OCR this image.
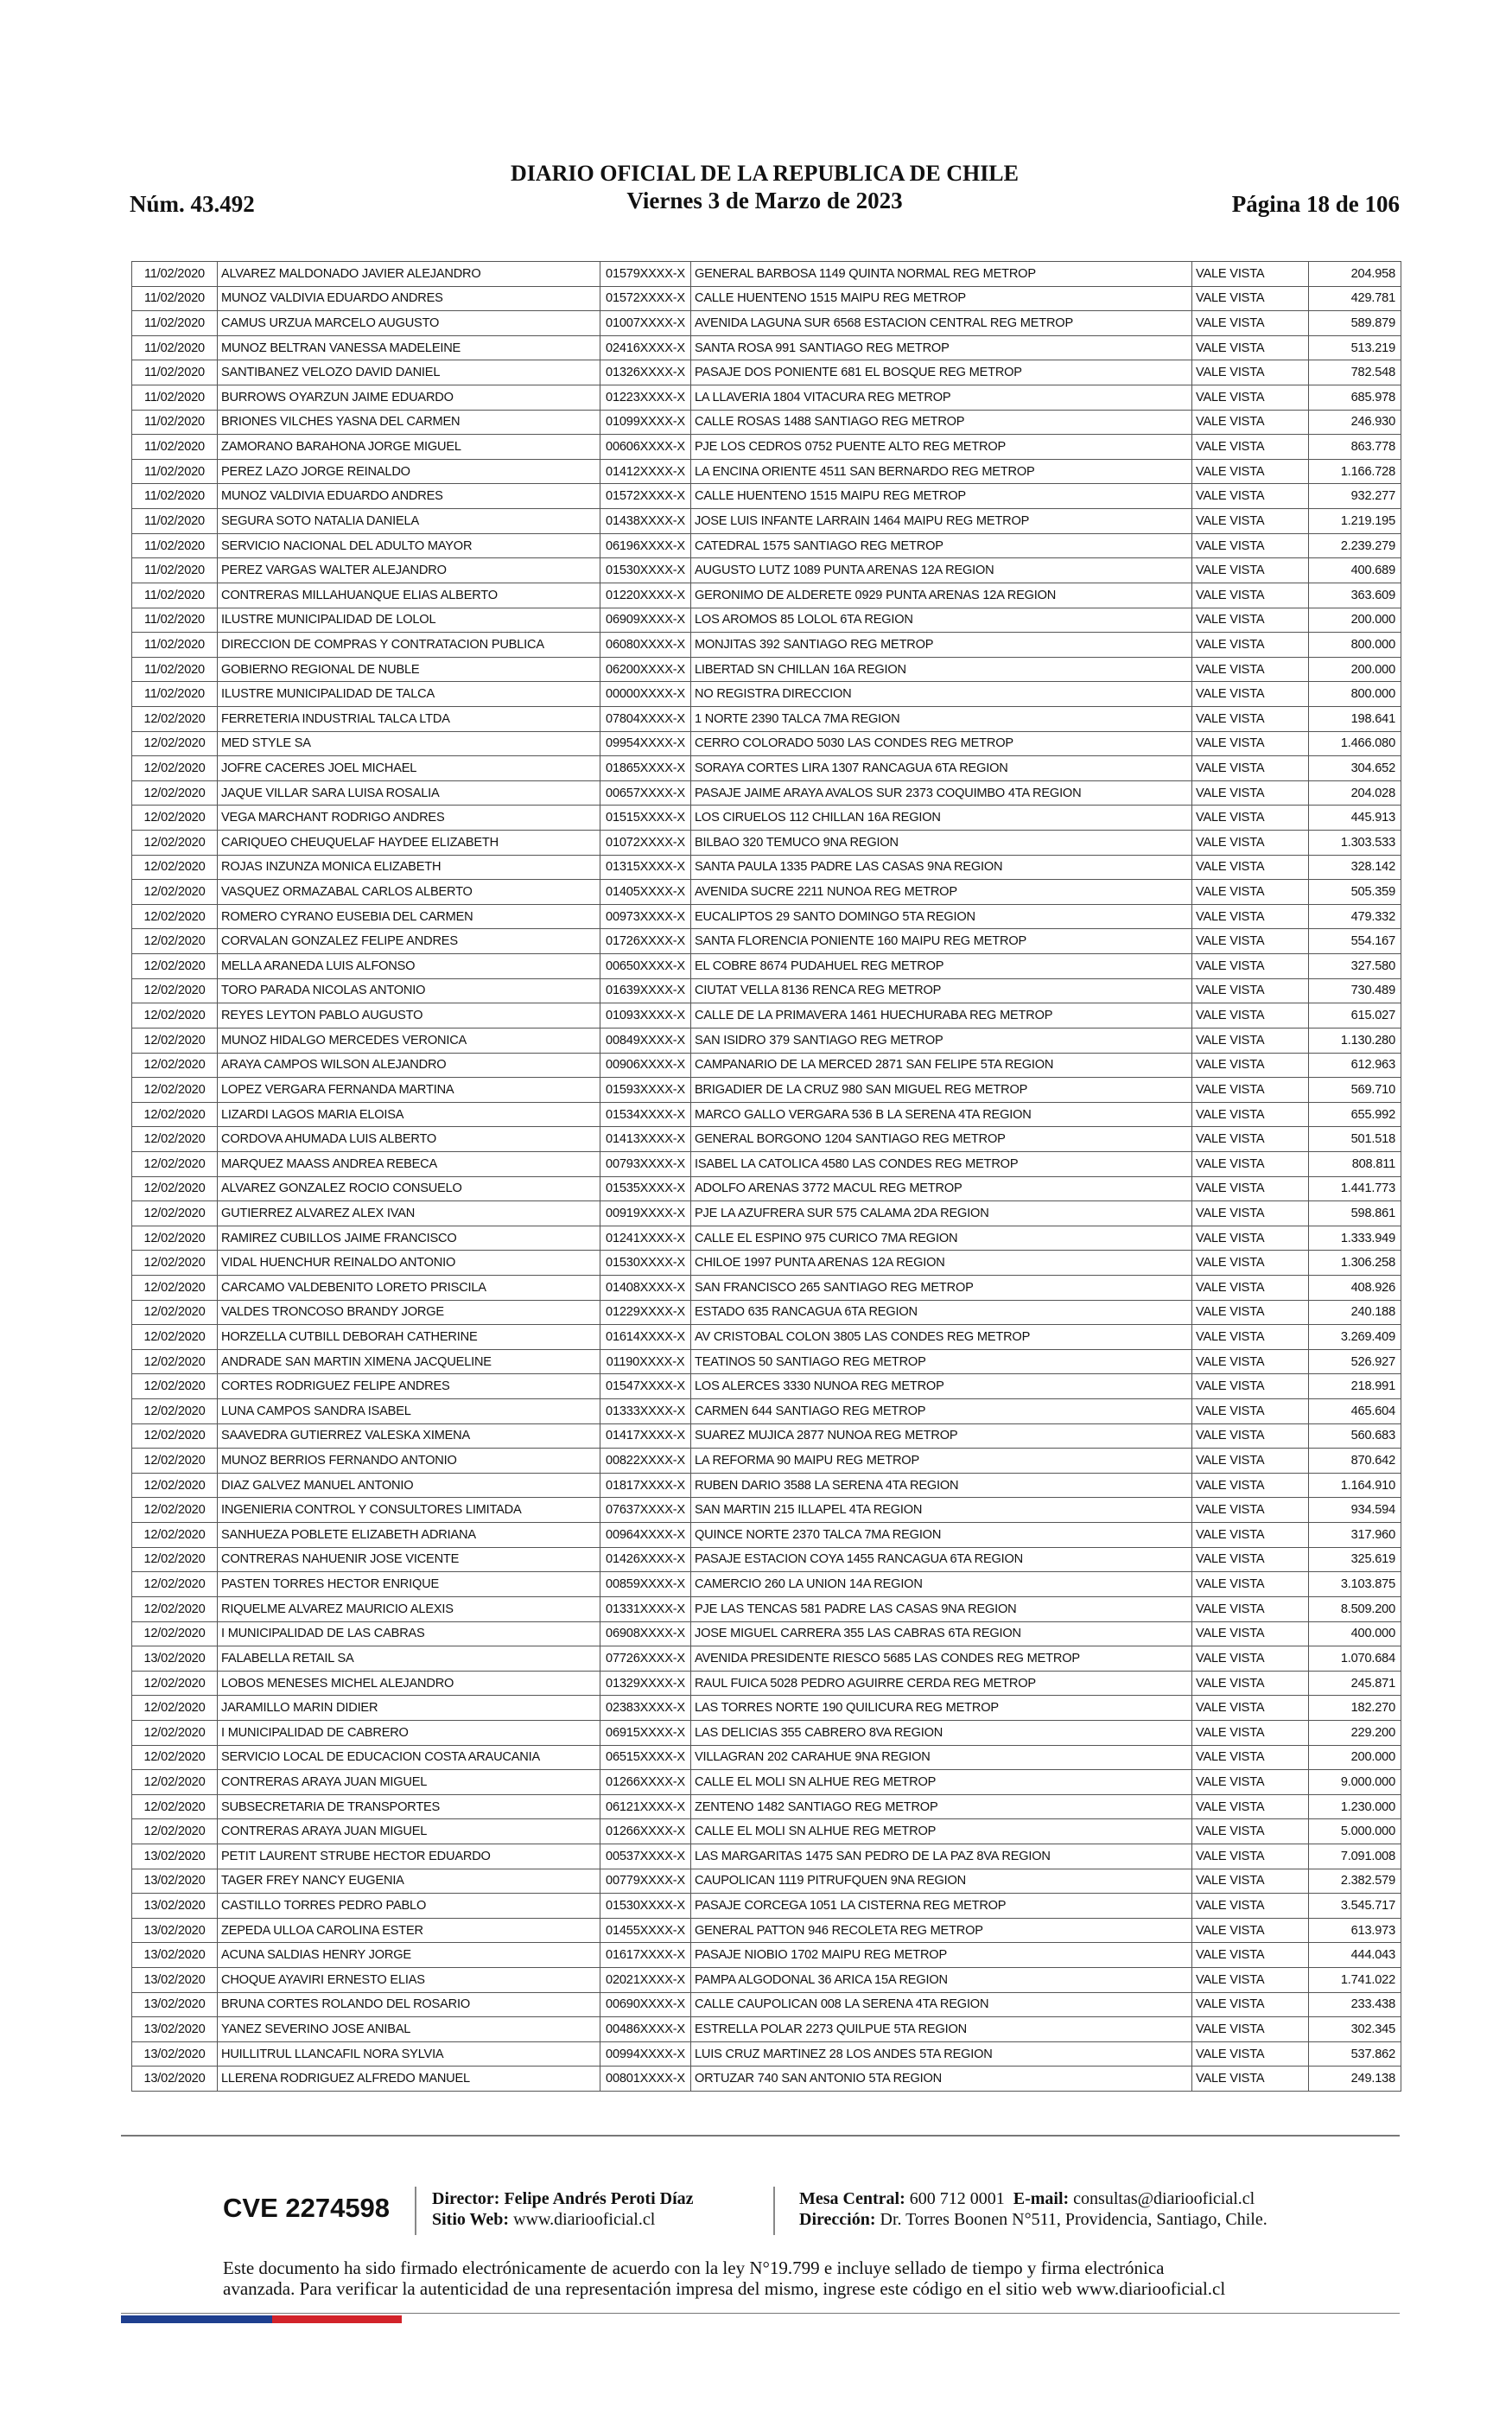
Núm. 43.492
DIARIO OFICIAL DE LA REPUBLICA DE CHILE
Viernes 3 de Marzo de 2023	Página 18 de 106
11/02/2020	ALVAREZ MALDONADO JAVIER ALEJANDRO	01579XXXX-X	GENERAL BARBOSA 1149 QUINTA NORMAL REG METROP	VALE VISTA	204.958
11/02/2020	MUNOZ VALDIVIA EDUARDO ANDRES	01572XXXX-X	CALLE HUENTENO 1515 MAIPU REG METROP	VALE VISTA	429.781
11/02/2020	CAMUS URZUA MARCELO AUGUSTO	01007XXXX-X	AVENIDA LAGUNA SUR 6568 ESTACION CENTRAL REG METROP	VALE VISTA	589.879
11/02/2020	MUNOZ BELTRAN VANESSA MADELEINE	02416XXXX-X	SANTA ROSA 991 SANTIAGO REG METROP	VALE VISTA	513.219
11/02/2020	SANTIBANEZ VELOZO DAVID DANIEL	01326XXXX-X	PASAJE DOS PONIENTE 681 EL BOSQUE REG METROP	VALE VISTA	782.548
11/02/2020	BURROWS OYARZUN JAIME EDUARDO	01223XXXX-X	LA LLAVERIA 1804 VITACURA REG METROP	VALE VISTA	685.978
11/02/2020	BRIONES VILCHES YASNA DEL CARMEN	01099XXXX-X	CALLE ROSAS 1488 SANTIAGO REG METROP	VALE VISTA	246.930
11/02/2020	ZAMORANO BARAHONA JORGE MIGUEL	00606XXXX-X	PJE LOS CEDROS 0752 PUENTE ALTO REG METROP	VALE VISTA	863.778
11/02/2020	PEREZ LAZO JORGE REINALDO	01412XXXX-X	LA ENCINA ORIENTE 4511 SAN BERNARDO REG METROP	VALE VISTA	1.166.728
11/02/2020	MUNOZ VALDIVIA EDUARDO ANDRES	01572XXXX-X	CALLE HUENTENO 1515 MAIPU REG METROP	VALE VISTA	932.277
11/02/2020	SEGURA SOTO NATALIA DANIELA	01438XXXX-X	JOSE LUIS INFANTE LARRAIN 1464 MAIPU REG METROP	VALE VISTA	1.219.195
11/02/2020	SERVICIO NACIONAL DEL ADULTO MAYOR	06196XXXX-X	CATEDRAL 1575 SANTIAGO REG METROP	VALE VISTA	2.239.279
11/02/2020	PEREZ VARGAS WALTER ALEJANDRO	01530XXXX-X	AUGUSTO LUTZ 1089 PUNTA ARENAS 12A REGION	VALE VISTA	400.689
11/02/2020	CONTRERAS MILLAHUANQUE ELIAS ALBERTO	01220XXXX-X	GERONIMO DE ALDERETE 0929 PUNTA ARENAS 12A REGION	VALE VISTA	363.609
11/02/2020	ILUSTRE MUNICIPALIDAD DE LOLOL	06909XXXX-X	LOS AROMOS 85 LOLOL 6TA REGION	VALE VISTA	200.000
11/02/2020	DIRECCION DE COMPRAS Y CONTRATACION PUBLICA	06080XXXX-X	MONJITAS 392 SANTIAGO REG METROP	VALE VISTA	800.000
11/02/2020	GOBIERNO REGIONAL DE NUBLE	06200XXXX-X	LIBERTAD SN CHILLAN 16A REGION	VALE VISTA	200.000
11/02/2020	ILUSTRE MUNICIPALIDAD DE TALCA	00000XXXX-X	NO REGISTRA DIRECCION	VALE VISTA	800.000
12/02/2020	FERRETERIA INDUSTRIAL TALCA LTDA	07804XXXX-X	1 NORTE 2390 TALCA 7MA REGION	VALE VISTA	198.641
12/02/2020	MED STYLE SA	09954XXXX-X	CERRO COLORADO 5030 LAS CONDES REG METROP	VALE VISTA	1.466.080
12/02/2020	JOFRE CACERES JOEL MICHAEL	01865XXXX-X	SORAYA CORTES LIRA 1307 RANCAGUA 6TA REGION	VALE VISTA	304.652
12/02/2020	JAQUE VILLAR SARA LUISA ROSALIA	00657XXXX-X	PASAJE JAIME ARAYA AVALOS SUR 2373 COQUIMBO 4TA REGION	VALE VISTA	204.028
12/02/2020	VEGA MARCHANT RODRIGO ANDRES	01515XXXX-X	LOS CIRUELOS 112 CHILLAN 16A REGION	VALE VISTA	445.913
12/02/2020	CARIQUEO CHEUQUELAF HAYDEE ELIZABETH	01072XXXX-X	BILBAO 320 TEMUCO 9NA REGION	VALE VISTA	1.303.533
12/02/2020	ROJAS INZUNZA MONICA ELIZABETH	01315XXXX-X	SANTA PAULA 1335 PADRE LAS CASAS 9NA REGION	VALE VISTA	328.142
12/02/2020	VASQUEZ ORMAZABAL CARLOS ALBERTO	01405XXXX-X	AVENIDA SUCRE 2211 NUNOA REG METROP	VALE VISTA	505.359
12/02/2020	ROMERO CYRANO EUSEBIA DEL CARMEN	00973XXXX-X	EUCALIPTOS 29 SANTO DOMINGO 5TA REGION	VALE VISTA	479.332
12/02/2020	CORVALAN GONZALEZ FELIPE ANDRES	01726XXXX-X	SANTA FLORENCIA PONIENTE 160 MAIPU REG METROP	VALE VISTA	554.167
12/02/2020	MELLA ARANEDA LUIS ALFONSO	00650XXXX-X	EL COBRE 8674 PUDAHUEL REG METROP	VALE VISTA	327.580
12/02/2020	TORO PARADA NICOLAS ANTONIO	01639XXXX-X	CIUTAT VELLA 8136 RENCA REG METROP	VALE VISTA	730.489
12/02/2020	REYES LEYTON PABLO AUGUSTO	01093XXXX-X	CALLE DE LA PRIMAVERA 1461 HUECHURABA REG METROP	VALE VISTA	615.027
12/02/2020	MUNOZ HIDALGO MERCEDES VERONICA	00849XXXX-X	SAN ISIDRO 379 SANTIAGO REG METROP	VALE VISTA	1.130.280
12/02/2020	ARAYA CAMPOS WILSON ALEJANDRO	00906XXXX-X	CAMPANARIO DE LA MERCED 2871 SAN FELIPE 5TA REGION	VALE VISTA	612.963
12/02/2020	LOPEZ VERGARA FERNANDA MARTINA	01593XXXX-X	BRIGADIER DE LA CRUZ 980 SAN MIGUEL REG METROP	VALE VISTA	569.710
12/02/2020	LIZARDI LAGOS MARIA ELOISA	01534XXXX-X	MARCO GALLO VERGARA 536 B LA SERENA 4TA REGION	VALE VISTA	655.992
12/02/2020	CORDOVA AHUMADA LUIS ALBERTO	01413XXXX-X	GENERAL BORGONO 1204 SANTIAGO REG METROP	VALE VISTA	501.518
12/02/2020	MARQUEZ MAASS ANDREA REBECA	00793XXXX-X	ISABEL LA CATOLICA 4580 LAS CONDES REG METROP	VALE VISTA	808.811
12/02/2020	ALVAREZ GONZALEZ ROCIO CONSUELO	01535XXXX-X	ADOLFO ARENAS 3772 MACUL REG METROP	VALE VISTA	1.441.773
12/02/2020	GUTIERREZ ALVAREZ ALEX IVAN	00919XXXX-X	PJE LA AZUFRERA SUR 575 CALAMA 2DA REGION	VALE VISTA	598.861
12/02/2020	RAMIREZ CUBILLOS JAIME FRANCISCO	01241XXXX-X	CALLE EL ESPINO 975 CURICO 7MA REGION	VALE VISTA	1.333.949
12/02/2020	VIDAL HUENCHUR REINALDO ANTONIO	01530XXXX-X	CHILOE 1997 PUNTA ARENAS 12A REGION	VALE VISTA	1.306.258
12/02/2020	CARCAMO VALDEBENITO LORETO PRISCILA	01408XXXX-X	SAN FRANCISCO 265 SANTIAGO REG METROP	VALE VISTA	408.926
12/02/2020	VALDES TRONCOSO BRANDY JORGE	01229XXXX-X	ESTADO 635 RANCAGUA 6TA REGION	VALE VISTA	240.188
12/02/2020	HORZELLA CUTBILL DEBORAH CATHERINE	01614XXXX-X	AV CRISTOBAL COLON 3805 LAS CONDES REG METROP	VALE VISTA	3.269.409
12/02/2020	ANDRADE SAN MARTIN XIMENA JACQUELINE	01190XXXX-X	TEATINOS 50 SANTIAGO REG METROP	VALE VISTA	526.927
12/02/2020	CORTES RODRIGUEZ FELIPE ANDRES	01547XXXX-X	LOS ALERCES 3330 NUNOA REG METROP	VALE VISTA	218.991
12/02/2020	LUNA CAMPOS SANDRA ISABEL	01333XXXX-X	CARMEN 644 SANTIAGO REG METROP	VALE VISTA	465.604
12/02/2020	SAAVEDRA GUTIERREZ VALESKA XIMENA	01417XXXX-X	SUAREZ MUJICA 2877 NUNOA REG METROP	VALE VISTA	560.683
12/02/2020	MUNOZ BERRIOS FERNANDO ANTONIO	00822XXXX-X	LA REFORMA 90 MAIPU REG METROP	VALE VISTA	870.642
12/02/2020	DIAZ GALVEZ MANUEL ANTONIO	01817XXXX-X	RUBEN DARIO 3588 LA SERENA 4TA REGION	VALE VISTA	1.164.910
12/02/2020	INGENIERIA CONTROL Y CONSULTORES LIMITADA	07637XXXX-X	SAN MARTIN 215 ILLAPEL 4TA REGION	VALE VISTA	934.594
12/02/2020	SANHUEZA POBLETE ELIZABETH ADRIANA	00964XXXX-X	QUINCE NORTE 2370 TALCA 7MA REGION	VALE VISTA	317.960
12/02/2020	CONTRERAS NAHUENIR JOSE VICENTE	01426XXXX-X	PASAJE ESTACION COYA 1455 RANCAGUA 6TA REGION	VALE VISTA	325.619
12/02/2020	PASTEN TORRES HECTOR ENRIQUE	00859XXXX-X	CAMERCIO 260 LA UNION 14A REGION	VALE VISTA	3.103.875
12/02/2020	RIQUELME ALVAREZ MAURICIO ALEXIS	01331XXXX-X	PJE LAS TENCAS 581 PADRE LAS CASAS 9NA REGION	VALE VISTA	8.509.200
12/02/2020	I MUNICIPALIDAD DE LAS CABRAS	06908XXXX-X	JOSE MIGUEL CARRERA 355 LAS CABRAS 6TA REGION	VALE VISTA	400.000
13/02/2020	FALABELLA RETAIL SA	07726XXXX-X	AVENIDA PRESIDENTE RIESCO 5685 LAS CONDES REG METROP	VALE VISTA	1.070.684
12/02/2020	LOBOS MENESES MICHEL ALEJANDRO	01329XXXX-X	RAUL FUICA 5028 PEDRO AGUIRRE CERDA REG METROP	VALE VISTA	245.871
12/02/2020	JARAMILLO MARIN DIDIER	02383XXXX-X	LAS TORRES NORTE 190 QUILICURA REG METROP	VALE VISTA	182.270
12/02/2020	I MUNICIPALIDAD DE CABRERO	06915XXXX-X	LAS DELICIAS 355 CABRERO 8VA REGION	VALE VISTA	229.200
12/02/2020	SERVICIO LOCAL DE EDUCACION COSTA ARAUCANIA	06515XXXX-X	VILLAGRAN 202 CARAHUE 9NA REGION	VALE VISTA	200.000
12/02/2020	CONTRERAS ARAYA JUAN MIGUEL	01266XXXX-X	CALLE EL MOLI SN ALHUE REG METROP	VALE VISTA	9.000.000
12/02/2020	SUBSECRETARIA DE TRANSPORTES	06121XXXX-X	ZENTENO 1482 SANTIAGO REG METROP	VALE VISTA	1.230.000
12/02/2020	CONTRERAS ARAYA JUAN MIGUEL	01266XXXX-X	CALLE EL MOLI SN ALHUE REG METROP	VALE VISTA	5.000.000
13/02/2020	PETIT LAURENT STRUBE HECTOR EDUARDO	00537XXXX-X	LAS MARGARITAS 1475 SAN PEDRO DE LA PAZ 8VA REGION	VALE VISTA	7.091.008
13/02/2020	TAGER FREY NANCY EUGENIA	00779XXXX-X	CAUPOLICAN 1119 PITRUFQUEN 9NA REGION	VALE VISTA	2.382.579
13/02/2020	CASTILLO TORRES PEDRO PABLO	01530XXXX-X	PASAJE CORCEGA 1051 LA CISTERNA REG METROP	VALE VISTA	3.545.717
13/02/2020	ZEPEDA ULLOA CAROLINA ESTER	01455XXXX-X	GENERAL PATTON 946 RECOLETA REG METROP	VALE VISTA	613.973
13/02/2020	ACUNA SALDIAS HENRY JORGE	01617XXXX-X	PASAJE NIOBIO 1702 MAIPU REG METROP	VALE VISTA	444.043
13/02/2020	CHOQUE AYAVIRI ERNESTO ELIAS	02021XXXX-X	PAMPA ALGODONAL 36 ARICA 15A REGION	VALE VISTA	1.741.022
13/02/2020	BRUNA CORTES ROLANDO DEL ROSARIO	00690XXXX-X	CALLE CAUPOLICAN 008 LA SERENA 4TA REGION	VALE VISTA	233.438
13/02/2020	YANEZ SEVERINO JOSE ANIBAL	00486XXXX-X	ESTRELLA POLAR 2273 QUILPUE 5TA REGION	VALE VISTA	302.345
13/02/2020	HUILLITRUL LLANCAFIL NORA SYLVIA	00994XXXX-X	LUIS CRUZ MARTINEZ 28 LOS ANDES 5TA REGION	VALE VISTA	537.862
13/02/2020	LLERENA RODRIGUEZ ALFREDO MANUEL	00801XXXX-X	ORTUZAR 740 SAN ANTONIO 5TA REGION	VALE VISTA	249.138
CVE 2274598 Director: Felipe Andrés Peroti Díaz
Sitio Web: www.diariooficial.cl
Mesa Central: 600 712 0001 E-mail: consultas@diariooficial.cl
Dirección: Dr. Torres Boonen N°511, Providencia, Santiago, Chile.
Este documento ha sido firmado electrónicamente de acuerdo con la ley N°19.799 e incluye sellado de tiempo y firma electrónica
avanzada. Para verificar la autenticidad de una representación impresa del mismo, ingrese este código en el sitio web www.diariooficial.cl
